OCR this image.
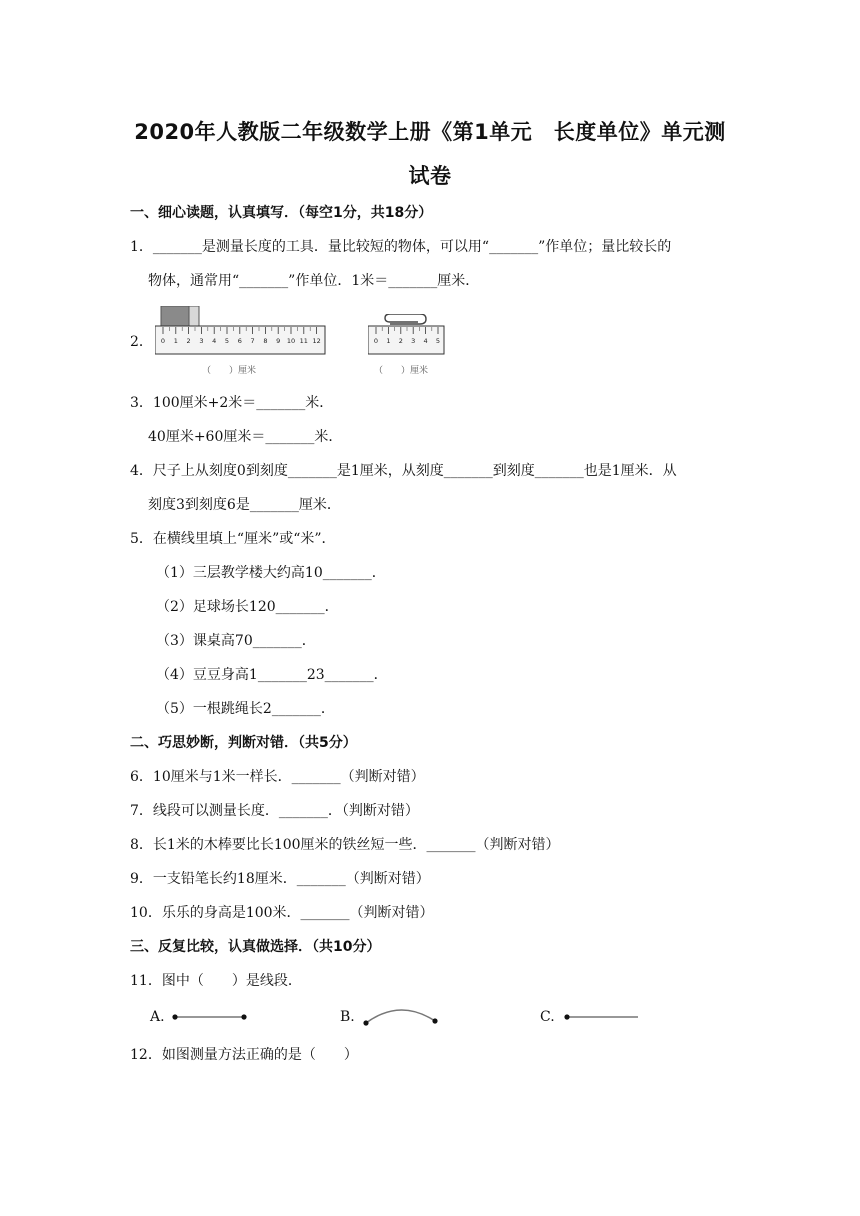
2020年人教版二年级数学上册《第1单元　长度单位》单元测
试卷
一、细心读题，认真填写．（每空1分，共18分）
1．_______是测量长度的工具．量比较短的物体，可以用“_______”作单位；量比较长的
物体，通常用“_______”作单位．1米＝_______厘米．
2． 0 1 2 3 4 5 6 7 8 9 10 11 12
（　　）厘米
0 1 2 3 4 5
（　　）厘米
3．100厘米+2米＝_______米．
40厘米+60厘米＝_______米．
4．尺子上从刻度0到刻度_______是1厘米，从刻度_______到刻度_______也是1厘米．从
刻度3到刻度6是_______厘米．
5．在横线里填上“厘米”或“米”．
（1）三层教学楼大约高10_______．
（2）足球场长120_______．
（3）课桌高70_______．
（4）豆豆身高1_______23_______．
（5）一根跳绳长2_______．
二、巧思妙断，判断对错．（共5分）
6．10厘米与1米一样长．_______（判断对错）
7．线段可以测量长度．_______．（判断对错）
8．长1米的木棒要比长100厘米的铁丝短一些．_______（判断对错）
9．一支铅笔长约18厘米．_______（判断对错）
10．乐乐的身高是100米．_______（判断对错）
三、反复比较，认真做选择．（共10分）
11．图中（　　）是线段．
A.	B.	C.
12．如图测量方法正确的是（　　）
